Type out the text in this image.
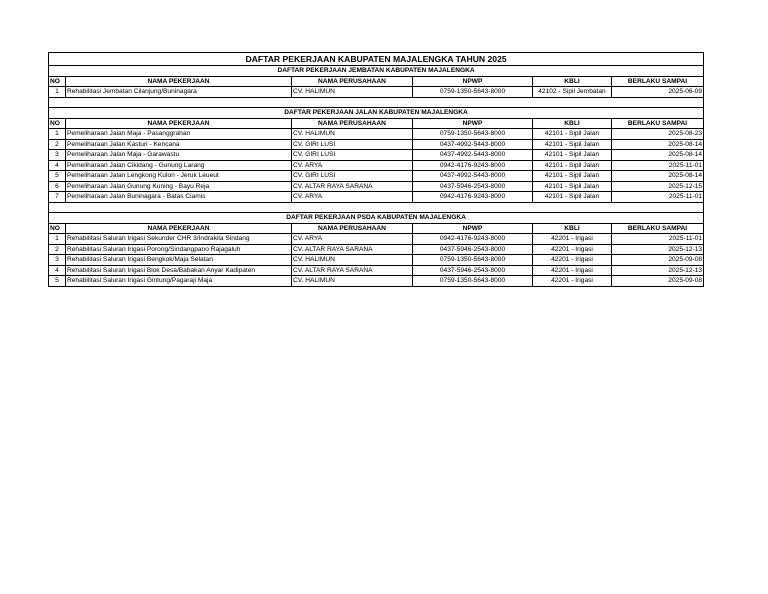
DAFTAR PEKERJAAN KABUPATEN MAJALENGKA TAHUN 2025					
DAFTAR PEKERJAAN JEMBATAN KABUPATEN MAJALENGKA					
NO	NAMA PEKERJAAN	NAMA PERUSAHAAN	NPWP	KBLI	BERLAKU SAMPAI
1	Rehabilitasi Jembatan Cilanjung/Buninagara	CV. HALIMUN	0759-1350-5643-8000	42102 - Sipil Jembatan	2025-06-09

DAFTAR PEKERJAAN JALAN KABUPATEN MAJALENGKA					
NO	NAMA PEKERJAAN	NAMA PERUSAHAAN	NPWP	KBLI	BERLAKU SAMPAI
1	Pemeliharaan Jalan Maja - Pasanggrahan	CV. HALIMUN	0759-1350-5643-8000	42101 - Sipil Jalan	2025-08-23
2	Pemeliharaan Jalan Kasturi - Kencana	CV. GIRI LUSI	0437-4992-5443-8000	42101 - Sipil Jalan	2025-08-14
3	Pemeliharaan Jalan Maja - Garawastu	CV. GIRI LUSI	0437-4992-5443-8000	42101 - Sipil Jalan	2025-08-14
4	Pemeliharaan Jalan Cikidang - Gunung Larang	CV. ARYA	0942-4176-9243-8000	42101 - Sipil Jalan	2025-11-01
5	Pemeliharaan Jalan Lengkong Kulon - Jeruk Leueut	CV. GIRI LUSI	0437-4992-5443-8000	42101 - Sipil Jalan	2025-08-14
6	Pemeliharaan Jalan Gunung Kuning - Bayu Reja	CV. ALTAR RAYA SARANA	0437-5946-2543-8000	42101 - Sipil Jalan	2025-12-15
7	Pemeliharaan Jalan Buninagara - Batas Ciamis	CV. ARYA	0942-4176-9243-8000	42101 - Sipil Jalan	2025-11-01

DAFTAR PEKERJAAN PSDA KABUPATEN MAJALENGKA					
NO	NAMA PEKERJAAN	NAMA PERUSAHAAN	NPWP	KBLI	BERLAKU SAMPAI
1	Rehabilitasi Saluran Irigasi Sekunder CHR 3/Indrakila Sindang	CV. ARYA	0942-4176-9243-8000	42201 - Irigasi	2025-11-01
2	Rehabilitasi Saluran Irigasi Porong/Sindangpano Rajagaluh	CV. ALTAR RAYA SARANA	0437-5946-2543-8000	42201 - Irigasi	2025-12-13
3	Rehabilitasi Saluran Irigasi Bengkok/Maja Selatan	CV. HALIMUN	0759-1350-5643-8000	42201 - Irigasi	2025-09-08
4	Rehabilitasi Saluran Irigasi Blok Desa/Babakan Anyar Kadipaten	CV. ALTAR RAYA SARANA	0437-5946-2543-8000	42201 - Irigasi	2025-12-13
5	Rehabilitasi Saluran Irigasi Gintung/Pagaraji Maja	CV. HALIMUN	0759-1350-5643-8000	42201 - Irigasi	2025-09-08
